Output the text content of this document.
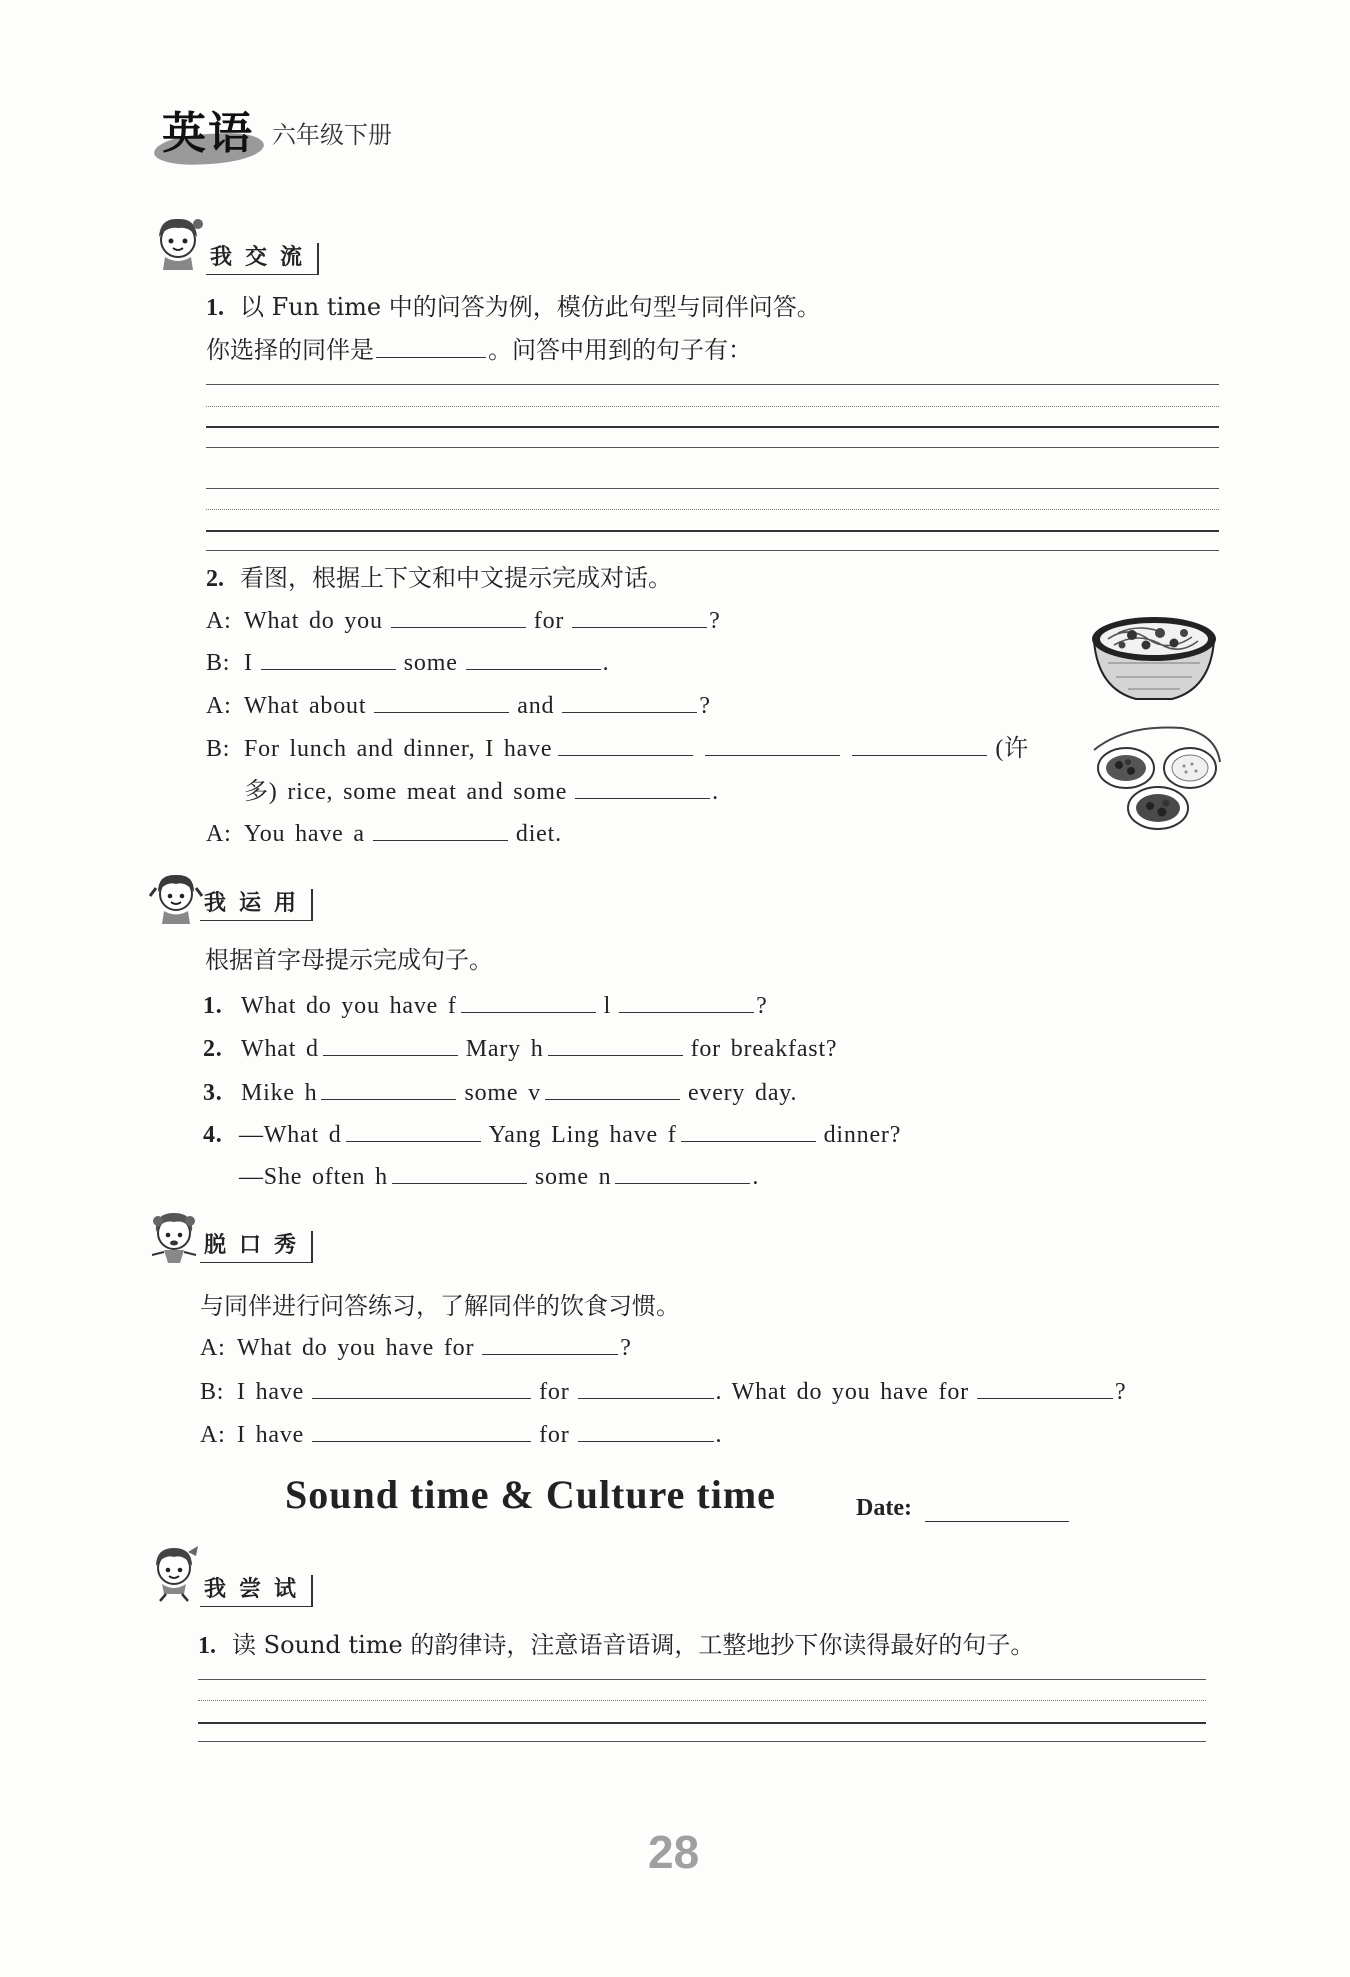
英语 六年级下册
我交流
1. 以 Fun time 中的问答为例，模仿此句型与同伴问答。
你选择的同伴是	。问答中用到的句子有：
2. 看图，根据上下文和中文提示完成对话。
A: What do you	for	?
B: I	some	.
A: What about	and	?
B: For lunch and dinner, I have	(许
多) rice, some meat and some	.
A: You have a	diet.
我运用
根据首字母提示完成句子。
1. What do you have f	l	?
2. What d	Mary h	for breakfast?
3. Mike h	some v	every day.
4. —What d	Yang Ling have f	dinner?
—She often h	some n	.
脱口秀
与同伴进行问答练习，了解同伴的饮食习惯。
A: What do you have for	?
B: I have	for	. What do you have for	?
A: I have	for	.
Sound time & Culture time	Date:
我尝试
1. 读 Sound time 的韵律诗，注意语音语调，工整地抄下你读得最好的句子。
28
